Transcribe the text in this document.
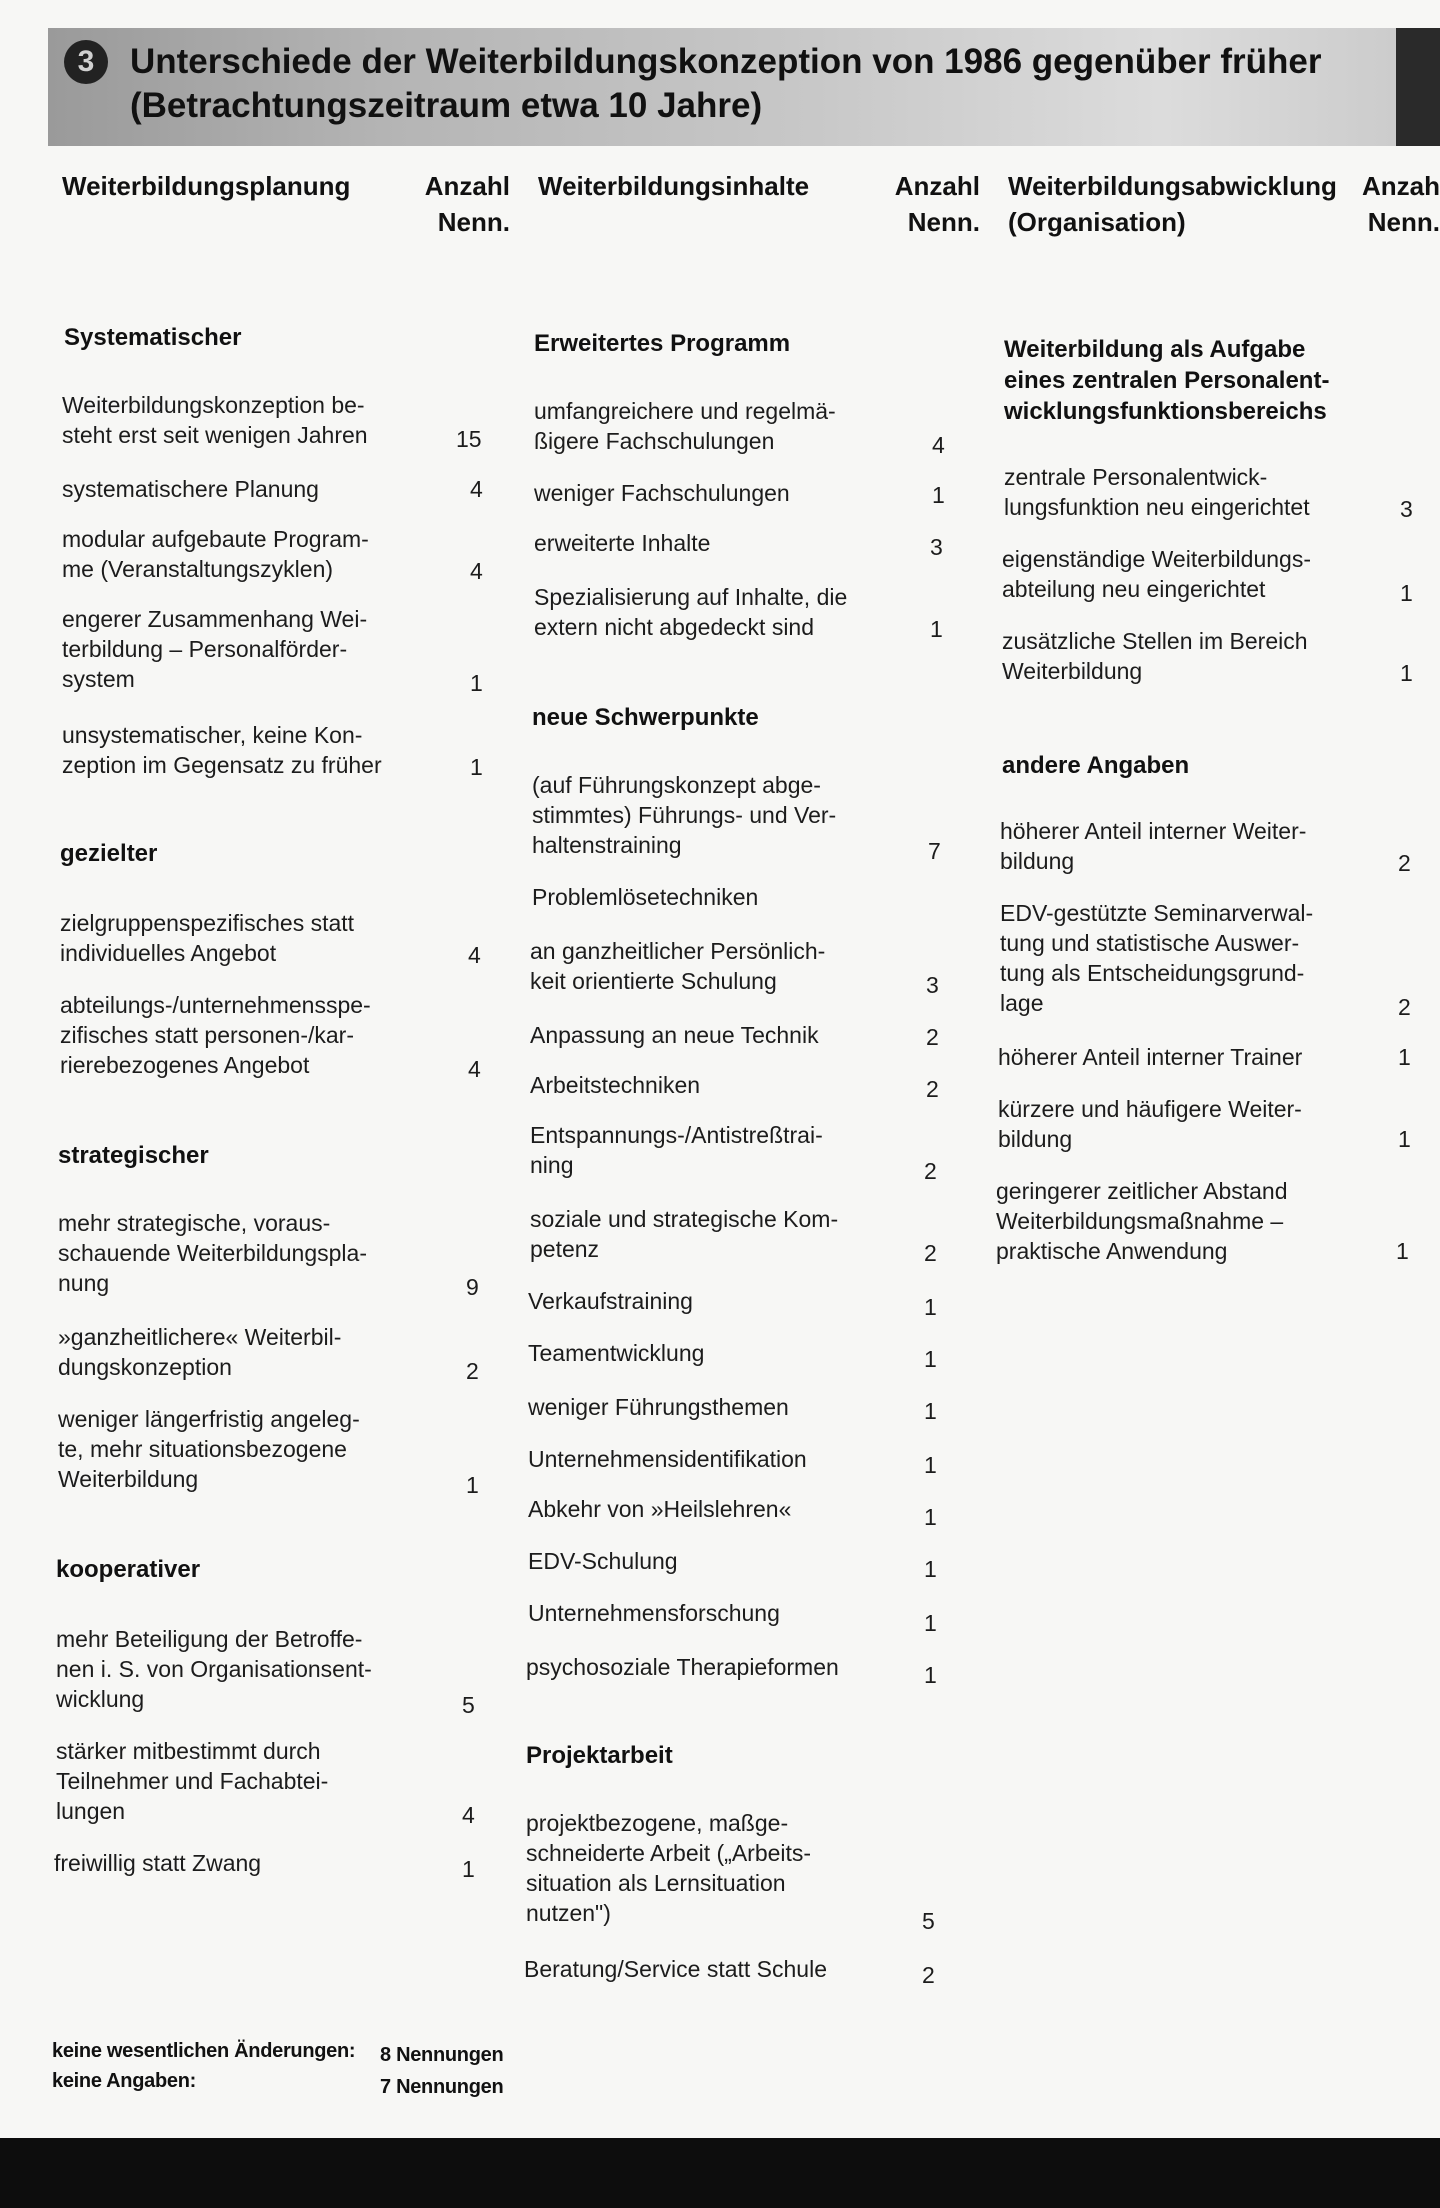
3	Unterschiede der Weiterbildungskonzeption von 1986 gegenüber früher
(Betrachtungszeitraum etwa 10 Jahre)
Weiterbildungsplanung	Anzahl
Nenn.
Weiterbildungsinhalte	Anzahl
Nenn.
Weiterbildungsabwicklung
(Organisation)
Anzah
Nenn.
Systematischer
Weiterbildungskonzeption be-
steht erst seit wenigen Jahren	15
systematischere Planung	4
modular aufgebaute Program-
me (Veranstaltungszyklen)	4
engerer Zusammenhang Wei-
terbildung – Personalförder-
system	1
unsystematischer, keine Kon-
zeption im Gegensatz zu früher	1
gezielter
zielgruppenspezifisches statt
individuelles Angebot	4
abteilungs-/unternehmensspe-
zifisches statt personen-/kar-
rierebezogenes Angebot	4
strategischer
mehr strategische, voraus-
schauende Weiterbildungspla-
nung	9
»ganzheitlichere« Weiterbil-
dungskonzeption	2
weniger längerfristig angeleg-
te, mehr situationsbezogene
Weiterbildung	1
kooperativer
mehr Beteiligung der Betroffe-
nen i. S. von Organisationsent-
wicklung	5
stärker mitbestimmt durch
Teilnehmer und Fachabtei-
lungen	4
freiwillig statt Zwang	1
Erweitertes Programm
umfangreichere und regelmä-
ßigere Fachschulungen	4
weniger Fachschulungen	1
erweiterte Inhalte	3
Spezialisierung auf Inhalte, die
extern nicht abgedeckt sind	1
neue Schwerpunkte
(auf Führungskonzept abge-
stimmtes) Führungs- und Ver-
haltenstraining	7
Problemlösetechniken
an ganzheitlicher Persönlich-
keit orientierte Schulung	3
Anpassung an neue Technik	2
Arbeitstechniken	2
Entspannungs-/Antistreßtrai-
ning	2
soziale und strategische Kom-
petenz	2
Verkaufstraining	1
Teamentwicklung	1
weniger Führungsthemen	1
Unternehmensidentifikation	1
Abkehr von »Heilslehren«	1
EDV-Schulung	1
Unternehmensforschung	1
psychosoziale Therapieformen	1
Projektarbeit
projektbezogene, maßge-
schneiderte Arbeit („Arbeits-
situation als Lernsituation
nutzen")	5
Beratung/Service statt Schule	2
Weiterbildung als Aufgabe
eines zentralen Personalent-
wicklungsfunktionsbereichs
zentrale Personalentwick-
lungsfunktion neu eingerichtet	3
eigenständige Weiterbildungs-
abteilung neu eingerichtet	1
zusätzliche Stellen im Bereich
Weiterbildung	1
andere Angaben
höherer Anteil interner Weiter-
bildung	2
EDV-gestützte Seminarverwal-
tung und statistische Auswer-
tung als Entscheidungsgrund-
lage	2
höherer Anteil interner Trainer	1
kürzere und häufigere Weiter-
bildung	1
geringerer zeitlicher Abstand
Weiterbildungsmaßnahme –
praktische Anwendung	1
keine wesentlichen Änderungen: 8 Nennungen
keine Angaben:	7 Nennungen
